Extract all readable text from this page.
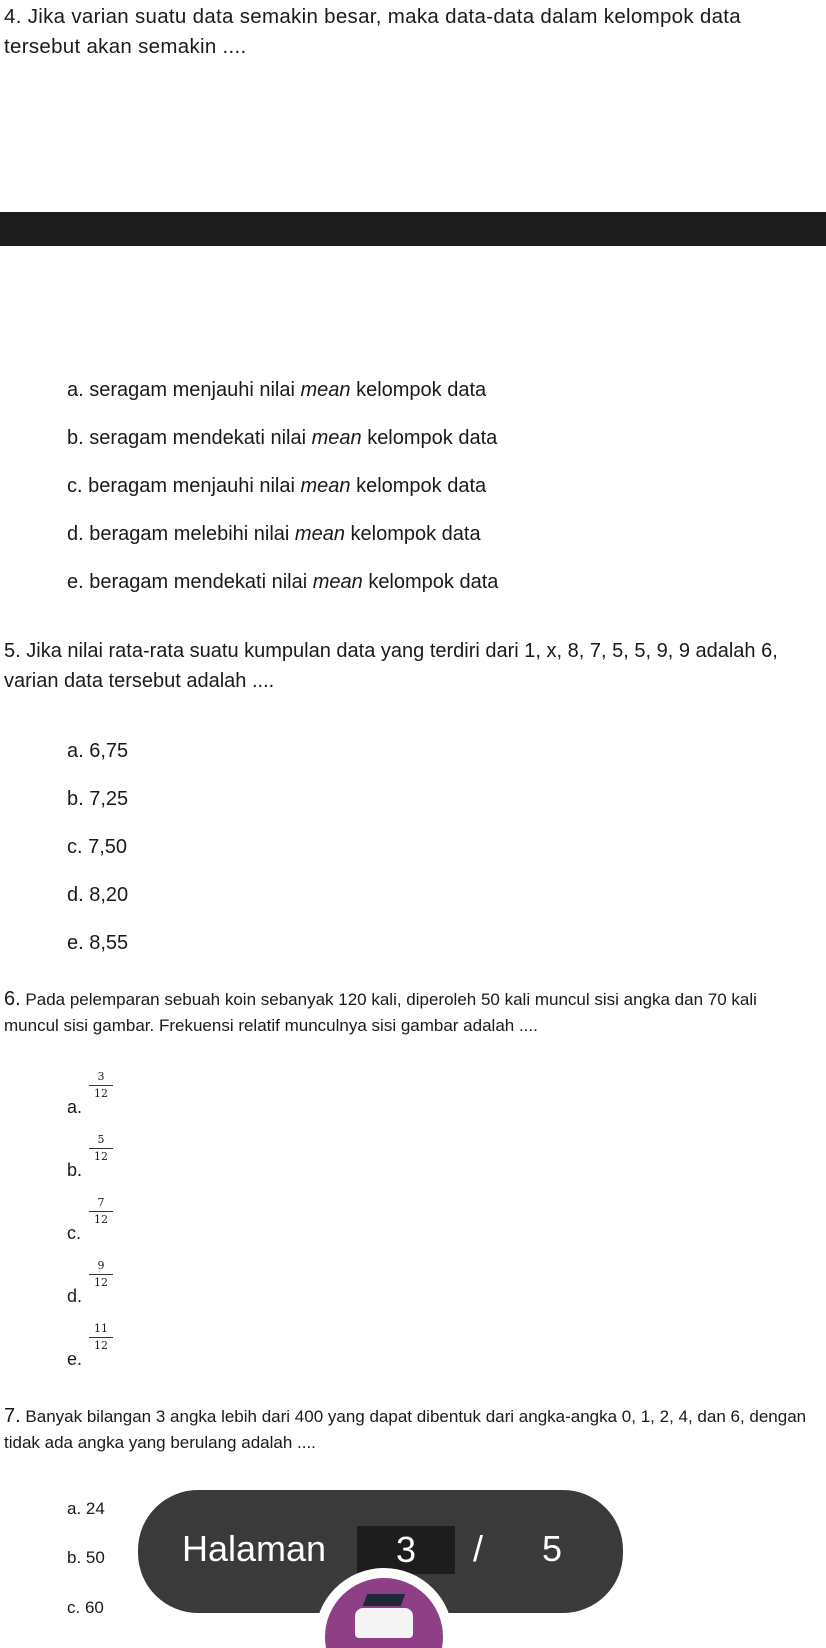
4. Jika varian suatu data semakin besar, maka data-data dalam kelompok data tersebut akan semakin ....
a. seragam menjauhi nilai mean kelompok data
b. seragam mendekati nilai mean kelompok data
c. beragam menjauhi nilai mean kelompok data
d. beragam melebihi nilai mean kelompok data
e. beragam mendekati nilai mean kelompok data
5. Jika nilai rata-rata suatu kumpulan data yang terdiri dari 1, x, 8, 7, 5, 5, 9, 9 adalah 6, varian data tersebut adalah ....
a. 6,75
b. 7,25
c. 7,50
d. 8,20
e. 8,55
6. Pada pelemparan sebuah koin sebanyak 120 kali, diperoleh 50 kali muncul sisi angka dan 70 kali muncul sisi gambar. Frekuensi relatif munculnya sisi gambar adalah ....
a.
3
12
b.
5
12
c.
7
12
d.
9
12
e.
11
12
7. Banyak bilangan 3 angka lebih dari 400 yang dapat dibentuk dari angka-angka 0, 1, 2, 4, dan 6, dengan tidak ada angka yang berulang adalah ....
a. 24
b. 50
c. 60
Halaman	3	/ 5
